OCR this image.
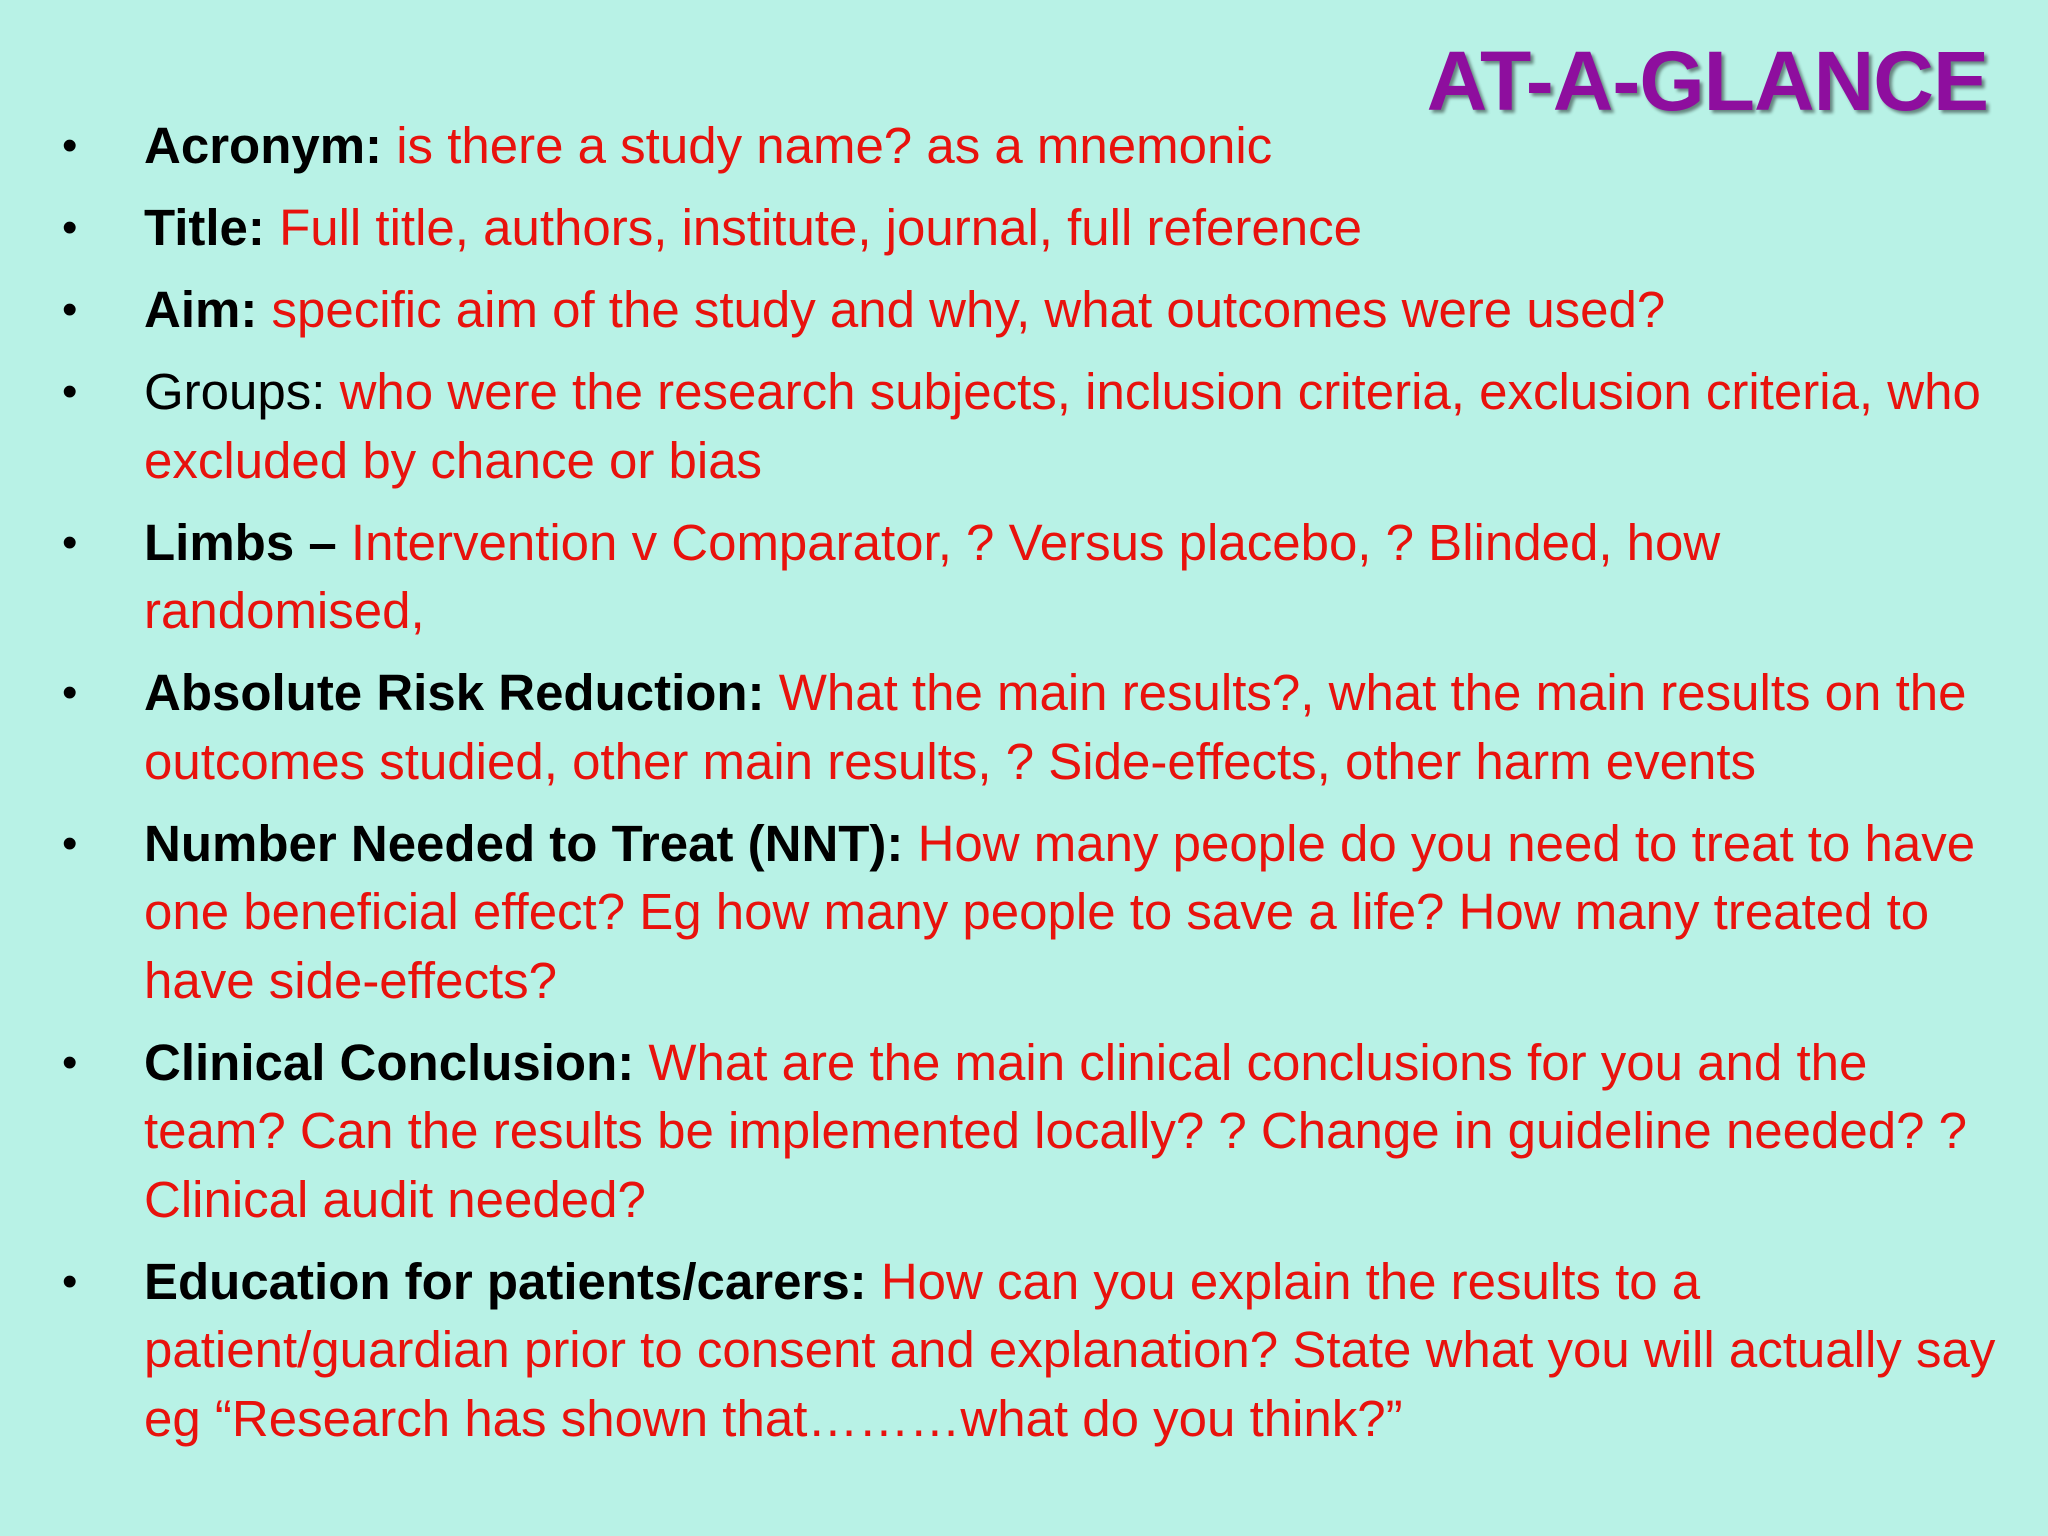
AT-A-GLANCE
• Acronym: is there a study name? as a mnemonic
• Title: Full title, authors, institute, journal, full reference
• Aim: specific aim of the study and why, what outcomes were used?
• Groups: who were the research subjects, inclusion criteria, exclusion criteria, who excluded by chance or bias
• Limbs – Intervention v Comparator, ? Versus placebo, ? Blinded, how randomised,
• Absolute Risk Reduction: What the main results?, what the main results on the outcomes studied, other main results, ? Side-effects, other harm events
• Number Needed to Treat (NNT): How many people do you need to treat to have one beneficial effect? Eg how many people to save a life? How many treated to have side-effects?
• Clinical Conclusion: What are the main clinical conclusions for you and the team? Can the results be implemented locally? ? Change in guideline needed? ? Clinical audit needed?
• Education for patients/carers: How can you explain the results to a patient/guardian prior to consent and explanation? State what you will actually say eg “Research has shown that………what do you think?”
